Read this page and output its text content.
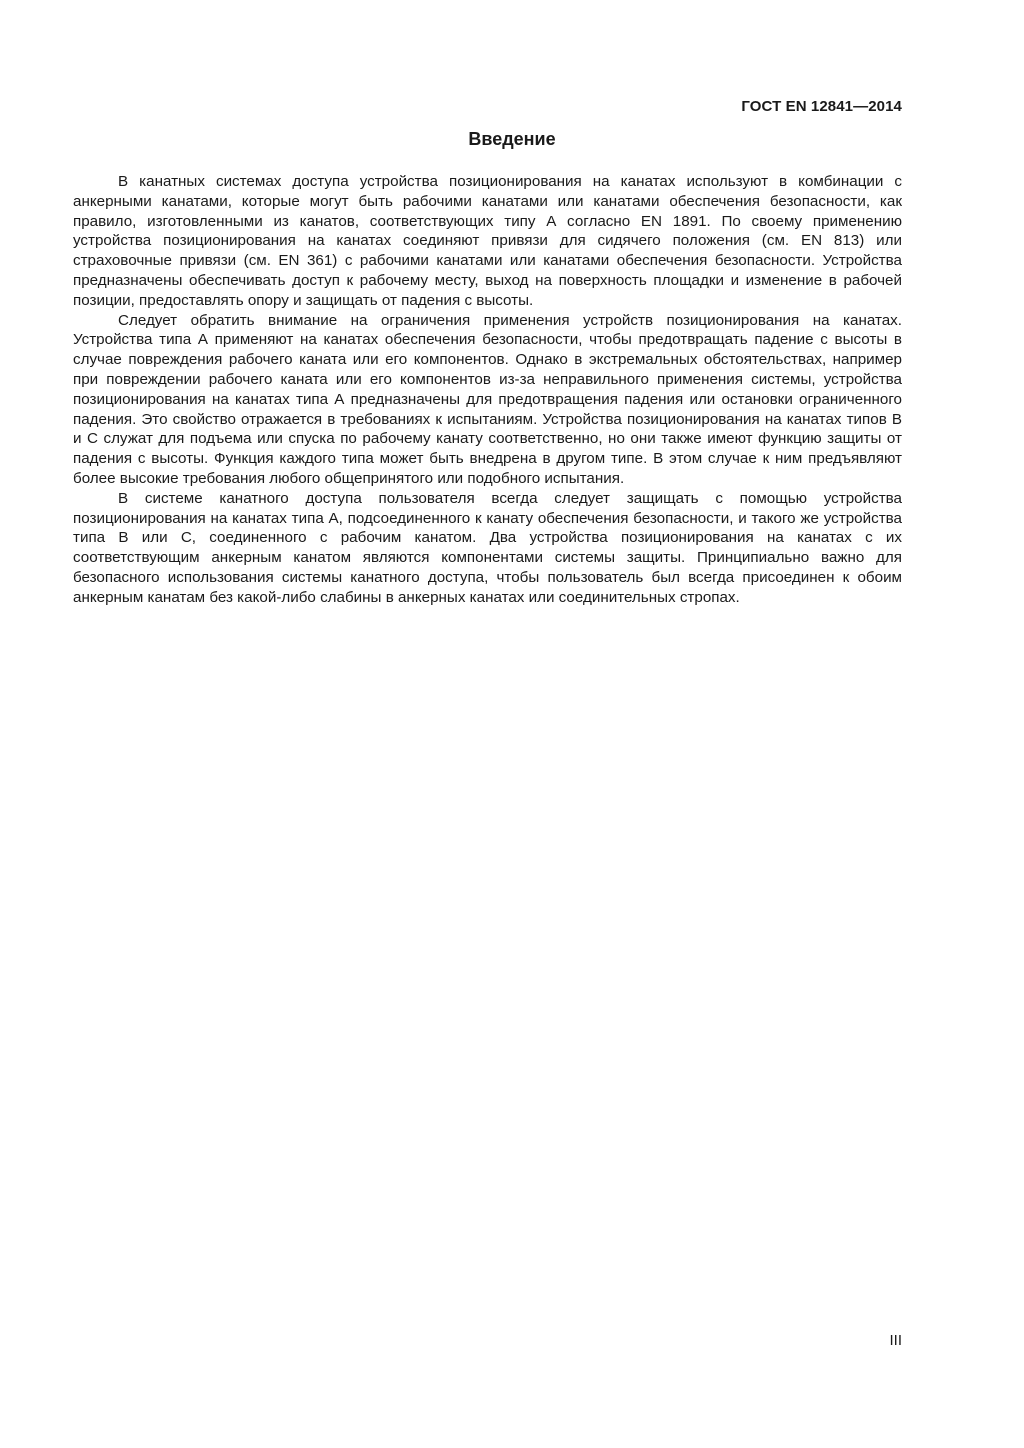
ГОСТ EN 12841—2014
Введение

В канатных системах доступа устройства позиционирования на канатах используют в комбинации с анкерными канатами, которые могут быть рабочими канатами или канатами обеспечения безопасности, как правило, изготовленными из канатов, соответствующих типу А согласно EN 1891. По своему применению устройства позиционирования на канатах соединяют привязи для сидячего положения (см. EN 813) или страховочные привязи (см. EN 361) с рабочими канатами или канатами обеспечения безопасности. Устройства предназначены обеспечивать доступ к рабочему месту, выход на поверхность площадки и изменение в рабочей позиции, предоставлять опору и защищать от падения с высоты.

Следует обратить внимание на ограничения применения устройств позиционирования на канатах. Устройства типа А применяют на канатах обеспечения безопасности, чтобы предотвращать падение с высоты в случае повреждения рабочего каната или его компонентов. Однако в экстремальных обстоятельствах, например при повреждении рабочего каната или его компонентов из-за неправильного применения системы, устройства позиционирования на канатах типа А предназначены для предотвращения падения или остановки ограниченного падения. Это свойство отражается в требованиях к испытаниям. Устройства позиционирования на канатах типов В и С служат для подъема или спуска по рабочему канату соответственно, но они также имеют функцию защиты от падения с высоты. Функция каждого типа может быть внедрена в другом типе. В этом случае к ним предъявляют более высокие требования любого общепринятого или подобного испытания.

В системе канатного доступа пользователя всегда следует защищать с помощью устройства позиционирования на канатах типа А, подсоединенного к канату обеспечения безопасности, и такого же устройства типа В или С, соединенного с рабочим канатом. Два устройства позиционирования на канатах с их соответствующим анкерным канатом являются компонентами системы защиты. Принципиально важно для безопасного использования системы канатного доступа, чтобы пользователь был всегда присоединен к обоим анкерным канатам без какой-либо слабины в анкерных канатах или соединительных стропах.

III
